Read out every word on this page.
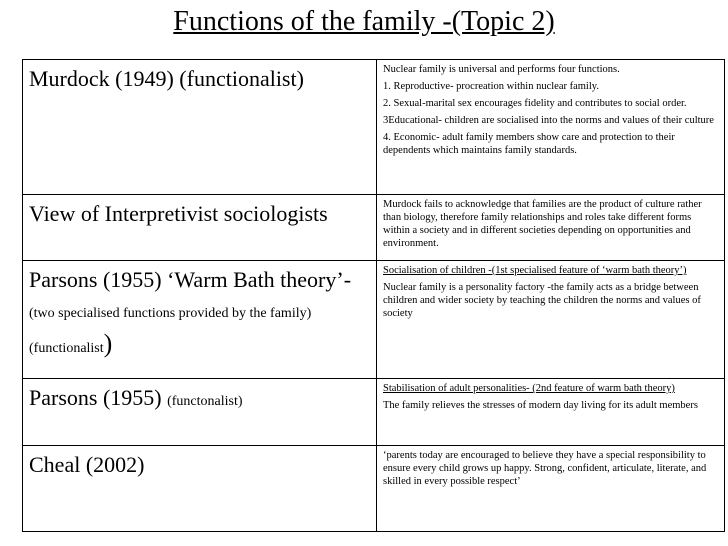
Functions of the family -(Topic 2)
Murdock (1949) (functionalist)	Nuclear family is universal and performs four functions.

1. Reproductive- procreation within nuclear family.

2. Sexual-marital sex encourages fidelity and contributes to social order.

3Educational- children are socialised into the norms and values of their culture

4. Economic- adult family members show care and protection to their dependents which maintains family standards.

View of Interpretivist sociologists	Murdock fails to acknowledge that families are the product of culture rather than biology, therefore family relationships and roles take different forms within a society and in different societies depending on opportunities and environment.

Parsons (1955) ‘Warm Bath theory’- (two specialised functions provided by the family) (functionalist)	Socialisation of children -(1st specialised feature of ‘warm bath theory’)

Nuclear family is a personality factory -the family acts as a bridge between children and wider society by teaching the children the norms and values of society

Parsons (1955) (functonalist)	Stabilisation of adult personalities- (2nd feature of warm bath theory)

The family relieves the stresses of modern day living for its adult members

Cheal (2002)	‘parents today are encouraged to believe they have a special responsibility to ensure every child grows up happy. Strong, confident, articulate, literate, and skilled in every possible respect’
